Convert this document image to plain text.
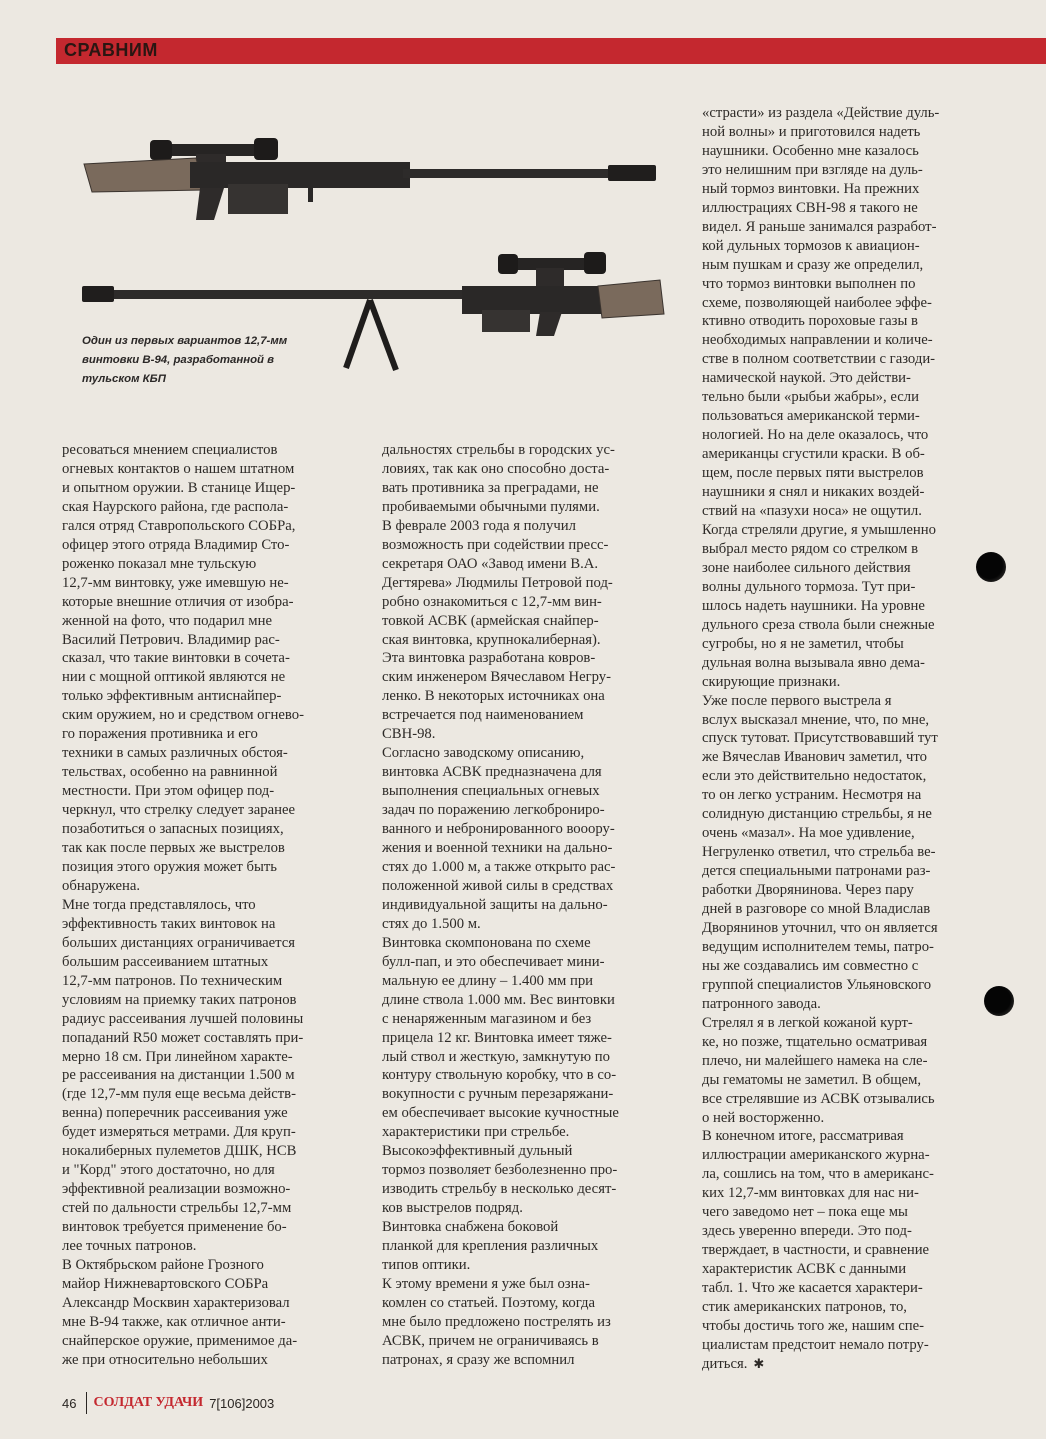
СРАВНИМ
Один из первых вариантов 12,7-мм винтовки В-94, разработанной в тульском КБП

ресоваться мнением специалистов
огневых контактов о нашем штатном
и опытном оружии. В станице Ищер-
ская Наурского района, где распола-
гался отряд Ставропольского СОБРа,
офицер этого отряда Владимир Сто-
роженко показал мне тульскую
12,7-мм винтовку, уже имевшую не-
которые внешние отличия от изобра-
женной на фото, что подарил мне
Василий Петрович. Владимир рас-
сказал, что такие винтовки в сочета-
нии с мощной оптикой являются не
только эффективным антиснайпер-
ским оружием, но и средством огнево-
го поражения противника и его
техники в самых различных обстоя-
тельствах, особенно на равнинной
местности. При этом офицер под-
черкнул, что стрелку следует заранее
позаботиться о запасных позициях,
так как после первых же выстрелов
позиция этого оружия может быть
обнаружена.
Мне тогда представлялось, что
эффективность таких винтовок на
больших дистанциях ограничивается
большим рассеиванием штатных
12,7-мм патронов. По техническим
условиям на приемку таких патронов
радиус рассеивания лучшей половины
попаданий R50 может составлять при-
мерно 18 см. При линейном характе-
ре рассеивания на дистанции 1.500 м
(где 12,7-мм пуля еще весьма действ-
венна) поперечник рассеивания уже
будет измеряться метрами. Для круп-
нокалиберных пулеметов ДШК, НСВ
и "Корд" этого достаточно, но для
эффективной реализации возможно-
стей по дальности стрельбы 12,7-мм
винтовок требуется применение бо-
лее точных патронов.
В Октябрьском районе Грозного
майор Нижневартовского СОБРа
Александр Москвин характеризовал
мне В-94 также, как отличное анти-
снайперское оружие, применимое да-
же при относительно небольших

дальностях стрельбы в городских ус-
ловиях, так как оно способно доста-
вать противника за преградами, не
пробиваемыми обычными пулями.
В феврале 2003 года я получил
возможность при содействии пресс-
секретаря ОАО «Завод имени В.А.
Дегтярева» Людмилы Петровой под-
робно ознакомиться с 12,7-мм вин-
товкой АСВК (армейская снайпер-
ская винтовка, крупнокалиберная).
Эта винтовка разработана ковров-
ским инженером Вячеславом Негру-
ленко. В некоторых источниках она
встречается под наименованием
СВН-98.
Согласно заводскому описанию,
винтовка АСВК предназначена для
выполнения специальных огневых
задач по поражению легкоброниро-
ванного и небронированного вооору-
жения и военной техники на дально-
стях до 1.000 м, а также открыто рас-
положенной живой силы в средствах
индивидуальной защиты на дально-
стях до 1.500 м.
Винтовка скомпонована по схеме
булл-пап, и это обеспечивает мини-
мальную ее длину – 1.400 мм при
длине ствола 1.000 мм. Вес винтовки
с ненаряженным магазином и без
прицела 12 кг. Винтовка имеет тяже-
лый ствол и жесткую, замкнутую по
контуру ствольную коробку, что в со-
вокупности с ручным перезаряжани-
ем обеспечивает высокие кучностные
характеристики при стрельбе.
Высокоэффективный дульный
тормоз позволяет безболезненно про-
изводить стрельбу в несколько десят-
ков выстрелов подряд.
Винтовка снабжена боковой
планкой для крепления различных
типов оптики.
К этому времени я уже был озна-
комлен со статьей. Поэтому, когда
мне было предложено пострелять из
АСВК, причем не ограничиваясь в
патронах, я сразу же вспомнил

«страсти» из раздела «Действие дуль-
ной волны» и приготовился надеть
наушники. Особенно мне казалось
это нелишним при взгляде на дуль-
ный тормоз винтовки. На прежних
иллюстрациях СВН-98 я такого не
видел. Я раньше занимался разработ-
кой дульных тормозов к авиацион-
ным пушкам и сразу же определил,
что тормоз винтовки выполнен по
схеме, позволяющей наиболее эффе-
ктивно отводить пороховые газы в
необходимых направлении и количе-
стве в полном соответствии с газоди-
намической наукой. Это действи-
тельно были «рыбьи жабры», если
пользоваться американской терми-
нологией. Но на деле оказалось, что
американцы сгустили краски. В об-
щем, после первых пяти выстрелов
наушники я снял и никаких воздей-
ствий на «пазухи носа» не ощутил.
Когда стреляли другие, я умышленно
выбрал место рядом со стрелком в
зоне наиболее сильного действия
волны дульного тормоза. Тут при-
шлось надеть наушники. На уровне
дульного среза ствола были снежные
сугробы, но я не заметил, чтобы
дульная волна вызывала явно дема-
скирующие признаки.
Уже после первого выстрела я
вслух высказал мнение, что, по мне,
спуск тутоват. Присутствовавший тут
же Вячеслав Иванович заметил, что
если это действительно недостаток,
то он легко устраним. Несмотря на
солидную дистанцию стрельбы, я не
очень «мазал». На мое удивление,
Негруленко ответил, что стрельба ве-
дется специальными патронами раз-
работки Дворянинова. Через пару
дней в разговоре со мной Владислав
Дворянинов уточнил, что он является
ведущим исполнителем темы, патро-
ны же создавались им совместно с
группой специалистов Ульяновского
патронного завода.
Стрелял я в легкой кожаной курт-
ке, но позже, тщательно осматривая
плечо, ни малейшего намека на сле-
ды гематомы не заметил. В общем,
все стрелявшие из АСВК отзывались
о ней восторженно.
В конечном итоге, рассматривая
иллюстрации американского журна-
ла, сошлись на том, что в американс-
ких 12,7-мм винтовках для нас ни-
чего заведомо нет – пока еще мы
здесь уверенно впереди. Это под-
тверждает, в частности, и сравнение
характеристик АСВК с данными
табл. 1. Что же касается характери-
стик американских патронов, то,
чтобы достичь того же, нашим спе-
циалистам предстоит немало потру-
диться. ✱

46 СОЛДАТ УДАЧИ 7[106]2003
